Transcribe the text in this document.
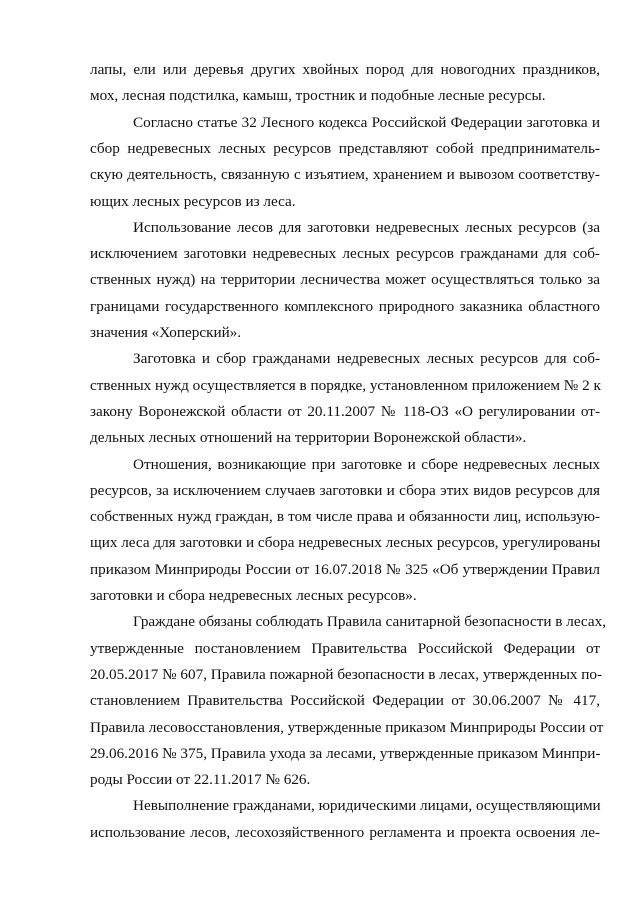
лапы, ели или деревья других хвойных пород для новогодних праздников,
мох, лесная подстилка, камыш, тростник и подобные лесные ресурсы.
Согласно статье 32 Лесного кодекса Российской Федерации заготовка и
сбор недревесных лесных ресурсов представляют собой предприниматель-
скую деятельность, связанную с изъятием, хранением и вывозом соответству-
ющих лесных ресурсов из леса.
Использование лесов для заготовки недревесных лесных ресурсов (за
исключением заготовки недревесных лесных ресурсов гражданами для соб-
ственных нужд) на территории лесничества может осуществляться только за
границами государственного комплексного природного заказника областного
значения «Хоперский».
Заготовка и сбор гражданами недревесных лесных ресурсов для соб-
ственных нужд осуществляется в порядке, установленном приложением № 2 к
закону Воронежской области от 20.11.2007 № 118-ОЗ «О регулировании от-
дельных лесных отношений на территории Воронежской области».
Отношения, возникающие при заготовке и сборе недревесных лесных
ресурсов, за исключением случаев заготовки и сбора этих видов ресурсов для
собственных нужд граждан, в том числе права и обязанности лиц, использую-
щих леса для заготовки и сбора недревесных лесных ресурсов, урегулированы
приказом Минприроды России от 16.07.2018 № 325 «Об утверждении Правил
заготовки и сбора недревесных лесных ресурсов».
Граждане обязаны соблюдать Правила санитарной безопасности в лесах,
утвержденные постановлением Правительства Российской Федерации от
20.05.2017 № 607, Правила пожарной безопасности в лесах, утвержденных по-
становлением Правительства Российской Федерации от 30.06.2007 № 417,
Правила лесовосстановления, утвержденные приказом Минприроды России от
29.06.2016 № 375, Правила ухода за лесами, утвержденные приказом Минпри-
роды России от 22.11.2017 № 626.
Невыполнение гражданами, юридическими лицами, осуществляющими
использование лесов, лесохозяйственного регламента и проекта освоения ле-
